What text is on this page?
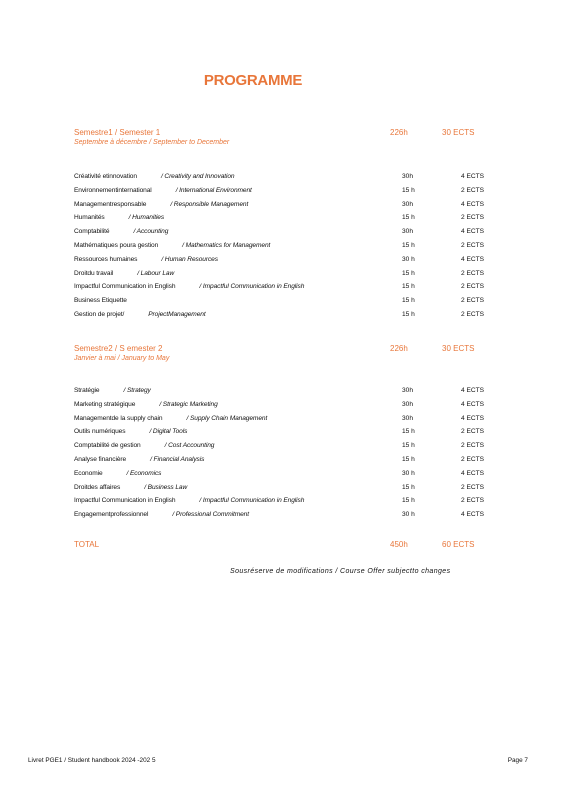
PROGRAMME
Semestre1 / Semester 1	226h	30 ECTS
Septembre à décembre / September to December
Créativité etinnovation	/ Creativity and Innovation	30h	4 ECTS
Environnementinternational	/ International Environment	15 h	2 ECTS
Managementresponsable	/ Responsible Management	30h	4 ECTS
Humanités	/ Humanities	15 h	2 ECTS
Comptabilité	/ Accounting	30h	4 ECTS
Mathématiques poura gestion	/ Mathematics for Management	15 h	2 ECTS
Ressources humaines	/ Human Resources	30 h	4 ECTS
Droitdu travail	/ Labour Law	15 h	2 ECTS
Impactful Communication in English	/ Impactful Communication in English	15 h	2 ECTS
Business Etiquette	15 h	2 ECTS
Gestion de projet/	ProjectManagement	15 h	2 ECTS
Semestre2 / S emester 2	226h	30 ECTS
Janvier à mai / January to May
Stratégie	/ Strategy	30h	4 ECTS
Marketing stratégique	/ Strategic Marketing	30h	4 ECTS
Managementde la supply chain	/ Supply Chain Management	30h	4 ECTS
Outils numériques	/ Digital Tools	15 h	2 ECTS
Comptabilité de gestion	/ Cost Accounting	15 h	2 ECTS
Analyse financière	/ Financial Analysis	15 h	2 ECTS
Economie	/ Economics	30 h	4 ECTS
Droitdes affaires	/ Business Law	15 h	2 ECTS
Impactful Communication in English	/ Impactful Communication in English	15 h	2 ECTS
Engagementprofessionnel	/ Professional Commitment	30 h	4 ECTS
TOTAL	450h	60 ECTS
Sousréserve de modifications / Course Offer subjectto changes
Livret PGE1 / Student handbook 2024 -202 5	Page 7
